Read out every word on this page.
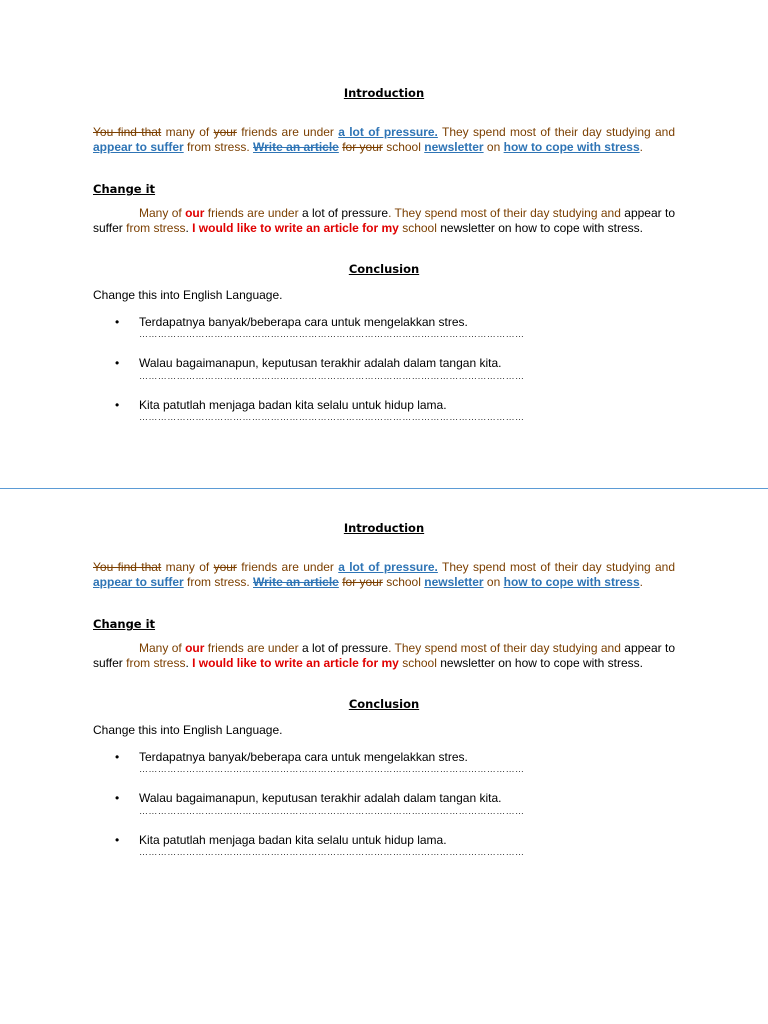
Introduction

You find that many of your friends are under a lot of pressure. They spend most of their day studying and appear to suffer from stress. Write an article for your school newsletter on how to cope with stress.

Change it

Many of our friends are under a lot of pressure. They spend most of their day studying and appear to suffer from stress. I would like to write an article for my school newsletter on how to cope with stress.

Conclusion

Change this into English Language.

• Terdapatnya banyak/beberapa cara untuk mengelakkan stres.
……………………………………………………………………………………………………………
• Walau bagaimanapun, keputusan terakhir adalah dalam tangan kita.
……………………………………………………………………………………………………………
• Kita patutlah menjaga badan kita selalu untuk hidup lama.
……………………………………………………………………………………………………………

Introduction

You find that many of your friends are under a lot of pressure. They spend most of their day studying and appear to suffer from stress. Write an article for your school newsletter on how to cope with stress.

Change it

Many of our friends are under a lot of pressure. They spend most of their day studying and appear to suffer from stress. I would like to write an article for my school newsletter on how to cope with stress.

Conclusion

Change this into English Language.

• Terdapatnya banyak/beberapa cara untuk mengelakkan stres.
……………………………………………………………………………………………………………
• Walau bagaimanapun, keputusan terakhir adalah dalam tangan kita.
……………………………………………………………………………………………………………
• Kita patutlah menjaga badan kita selalu untuk hidup lama.
……………………………………………………………………………………………………………
